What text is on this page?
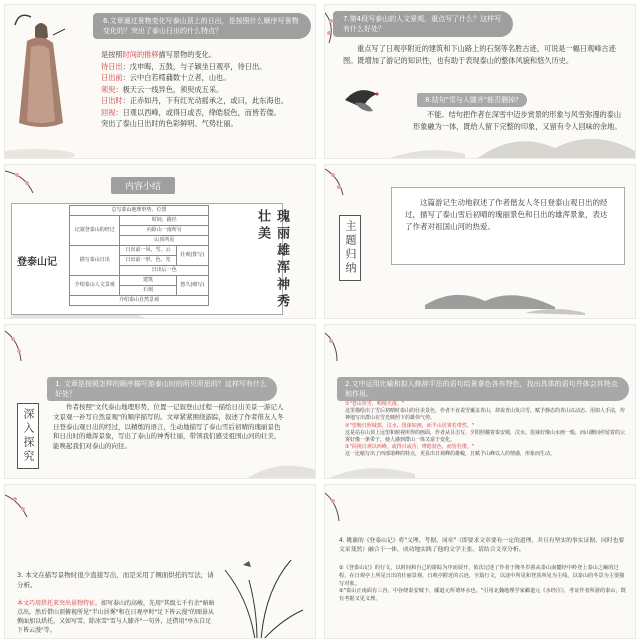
6.文章通过景物变化写泰山顶上的日出，是按照什么顺序写景物变化的？突出了泰山日出的什么特点？
是按照时间的推移描写景物的变化。
待日出：戊申晦，五鼓，与子颖坐日观亭，待日出。
日出前：云中白若樗蒱数十立者，山也。
须臾：极天云一线异色，须臾成五采。
日出时：正赤如丹，下有红光动摇承之，或曰，此东海也。
回视：日观以西峰，或得日或否，绛皓驳色，而皆若偻。
突出了泰山日出时的色彩鲜明、气势壮丽。
7.第4段写泰山的人文景观，重点写了什么？这样写有什么好处？
重点写了日观亭附近的建筑和下山路上的石刻等名胜古迹，可说是一幅日观峰古迹图。既增加了游记的知识性，也有助于表现泰山的整体风貌和悠久历史。
8.结句"雪与人膝齐"能否删掉?
不能。结句把作者在深雪中迈步赏景的形象与风雪弥漫的泰山形象融为一体，既给人留下完整的印象，又留有令人回味的余地。
内容小结
登泰山记
总写泰山地理形势、位置		
记叙登泰山的经过	时间、路径	
	向险山一南所另	
	山顶所见	
描写泰山日出	日出前一风、雪、云	壮观(排写)
	日出前一形、色、光	
	日出后一色	
介绍泰山人文景观	建筑	悠久(细写)
	石刻	
介绍泰山自然景观			瑰丽雄浑神秀壮美	主题归纳
这篇游记生动地叙述了作者偕友人冬日登泰山观日出的经过，描写了泰山雪后初晴的瑰丽景色和日出的雄浑景象，表达了作者对祖国山河的热爱。
深入探究
1. 文章是按照怎样的顺序描写游泰山时的所见所思的？这样写有什么好处？
作者按照"文代泰山地理形势，位置一记叙登山过程一描绘日出美景一游记人文景观一补写自然景观"的顺序描写的。文章紧紧围绕游踪，叙述了作者偕友人冬日登泰山观日出的经过，以精炼的语言，生动地描写了泰山雪后初晴的瑰丽景色和日出时的雄浑景象，写出了泰山的神秀壮丽，带领我们感受祖国山河的壮美，能唤起我们对泰山的向往。
2.文中运用比喻和拟人修辞手法的语句给景拿色各有特色，找出具体的语句并体会其特点和作用。
①"苍山负雪，明烛天南。"
这里描绘出了雪后初晴时泰山的壮美景色，作者不直说雪覆盖青山，却说青山负白雪，赋予静态的青山以动态，用拟人手法，传神地写出群山在雪光映照下的雄伟气势。
②"望晚日照城郭，汶水、徂徕如画，而半山居雾若带然。"
这是站在山顶上远望和俯视所得的画面，作者从目击写，夕阳照耀着泰安城，汶水、徂徕好像山水画一般，而山腰间停留着的云雾好像一条带子，使人感到群山一体又富于变化。
③"回视日观以西峰，或得日或否，绛皓驳色，而皆若偻。"
这一比喻写出了西部诸峰的特点，更显出日观峰的雄峻，且赋予山峰以人的情感，形象而生动。
3. 本文在描写景物时很少直接写出，而是采用了侧面烘托的写法，请分析。
本文巧用烘托来突出景物特征。如写泰山的高峻，先用"其级七千有余"暗暗点出，然后借山顶俯视所见"半山居雾"和在日观亭时"足下皆云漫"的图景从侧面加以烘托。又如写雪，除冰雪"雪与人膝齐"一句外，还借用"亭东自足下皆云漫"等。
4. 姚鼐的《登泰山记》将"义理、考据、词章"（即要求文章要有一定的道理，并且有坚实的事实证据，同时也要文采斐然）融合于一体，成功地实践了他的文学主张。请结合文章分析。
①《登泰山记》的行文，以时间和自己的游踪为序而展开，依次记述了作者于隆冬岁暮从泰山南麓经中岭登上泰山之巅的过程，在日观亭上所见日出的壮丽景观，日观亭附近的古迹，全篇行文，以途中所见和登顶所见为主线，以泰山的冬景为主要描写对象。
②"泰山正南面有三谷，中谷绕泰安城下，郦道元所谓环水也。"引用北魏地理学家郦道元《水经注》，考证作者所游的泰山，既有考据又见义理。
